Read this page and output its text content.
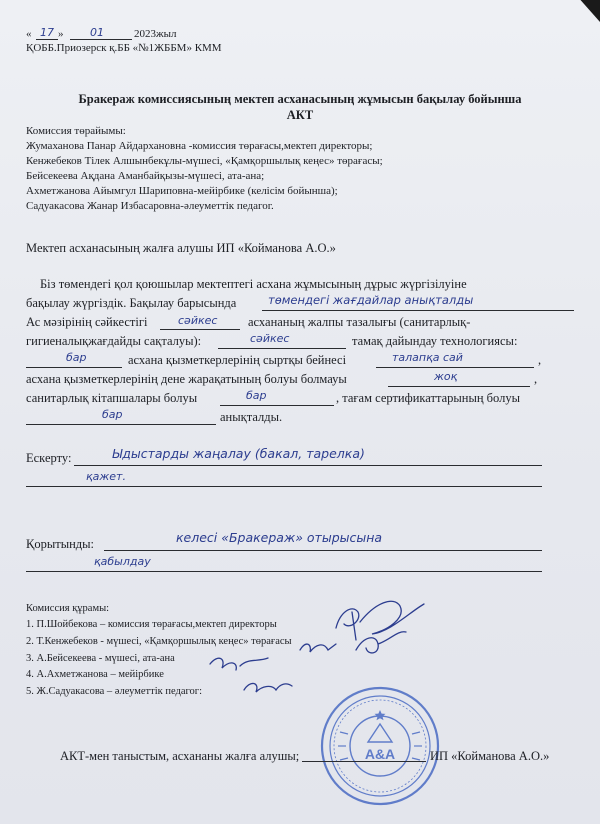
« 17 » 01	2023жыл
ҚОББ.Приозерск қ.ББ «№1ЖББМ» КММ
Бракераж комиссиясының мектеп асханасының жұмысын бақылау бойынша
АКТ
Комиссия төрайымы:
Жумаханова Панар Айдархановна -комиссия төрағасы,мектеп директоры;
Кенжебеков Тілек Алшынбекұлы-мүшесі, «Қамқоршылық кеңес» төрағасы;
Бейсекеева Ақдана Аманбайқызы-мүшесі, ата-ана;
Ахметжанова Айымгул Шариповна-мейірбике (келісім бойынша);
Садуакасова Жанар Избасаровна-әлеуметтік педагог.
Мектеп асханасының жалға алушы ИП «Койманова А.О.»
Біз төмендегі қол қоюшылар мектептегі асхана жұмысының дұрыс жүргізілуіне
бақылау жүргіздік. Бақылау барысында	төмендегі жағдайлар анықталды
Ас мәзірінің сәйкестігі	сәйкес асхананың жалпы тазалығы (санитарлық-
гигиеналықжағдайды сақталуы):	сәйкес	тамақ дайындау технологиясы:
бар	асхана қызметкерлерінің сыртқы бейнесі	талапқа сай	,
асхана қызметкерлерінің дене жарақатының болуы болмауы	жоқ	,
санитарлық кітапшалары болуы	бар	, тағам сертификаттарының болуы
бар	анықталды.
Ескерту:	Ыдыстарды жаңалау (бакал, тарелка)
қажет.
Қорытынды:	келесі «Бракераж» отырысына
қабылдау
Комиссия құрамы:
1. П.Шойбекова – комиссия төрағасы,мектеп директоры
2. Т.Кенжебеков - мүшесі, «Қамқоршылық кеңес» төрағасы
3. А.Бейсекеева - мүшесі, ата-ана
4. А.Ахметжанова – мейірбике
5. Ж.Садуакасова – әлеуметтік педагог:
A&A
АКТ-мен таныстым, асхананы жалға алушы;	ИП «Койманова А.О.»
